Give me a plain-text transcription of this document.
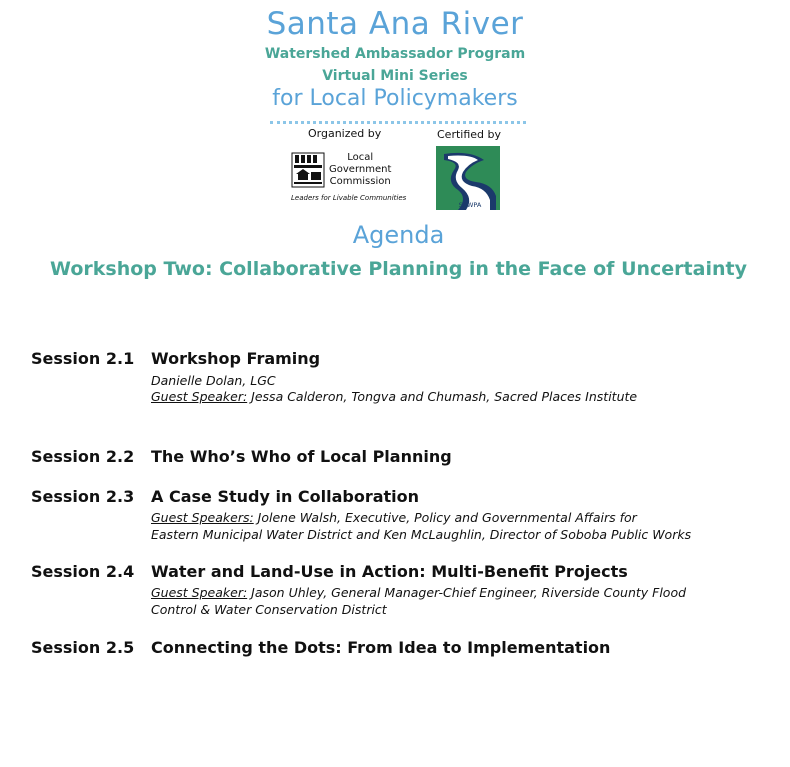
Santa Ana River
Watershed Ambassador Program
Virtual Mini Series
for Local Policymakers
Organized by	Certified by
Local
Government
Commission
Leaders for Livable Communities
SAWPA
Agenda
Workshop Two: Collaborative Planning in the Face of Uncertainty
Session 2.1 Workshop Framing
Danielle Dolan, LGC
Guest Speaker: Jessa Calderon, Tongva and Chumash, Sacred Places Institute
Session 2.2 The Who’s Who of Local Planning
Session 2.3 A Case Study in Collaboration
Guest Speakers: Jolene Walsh, Executive, Policy and Governmental Affairs for
Eastern Municipal Water District and Ken McLaughlin, Director of Soboba Public Works
Session 2.4 Water and Land-Use in Action: Multi-Benefit Projects
Guest Speaker: Jason Uhley, General Manager-Chief Engineer, Riverside County Flood
Control & Water Conservation District
Session 2.5 Connecting the Dots: From Idea to Implementation
